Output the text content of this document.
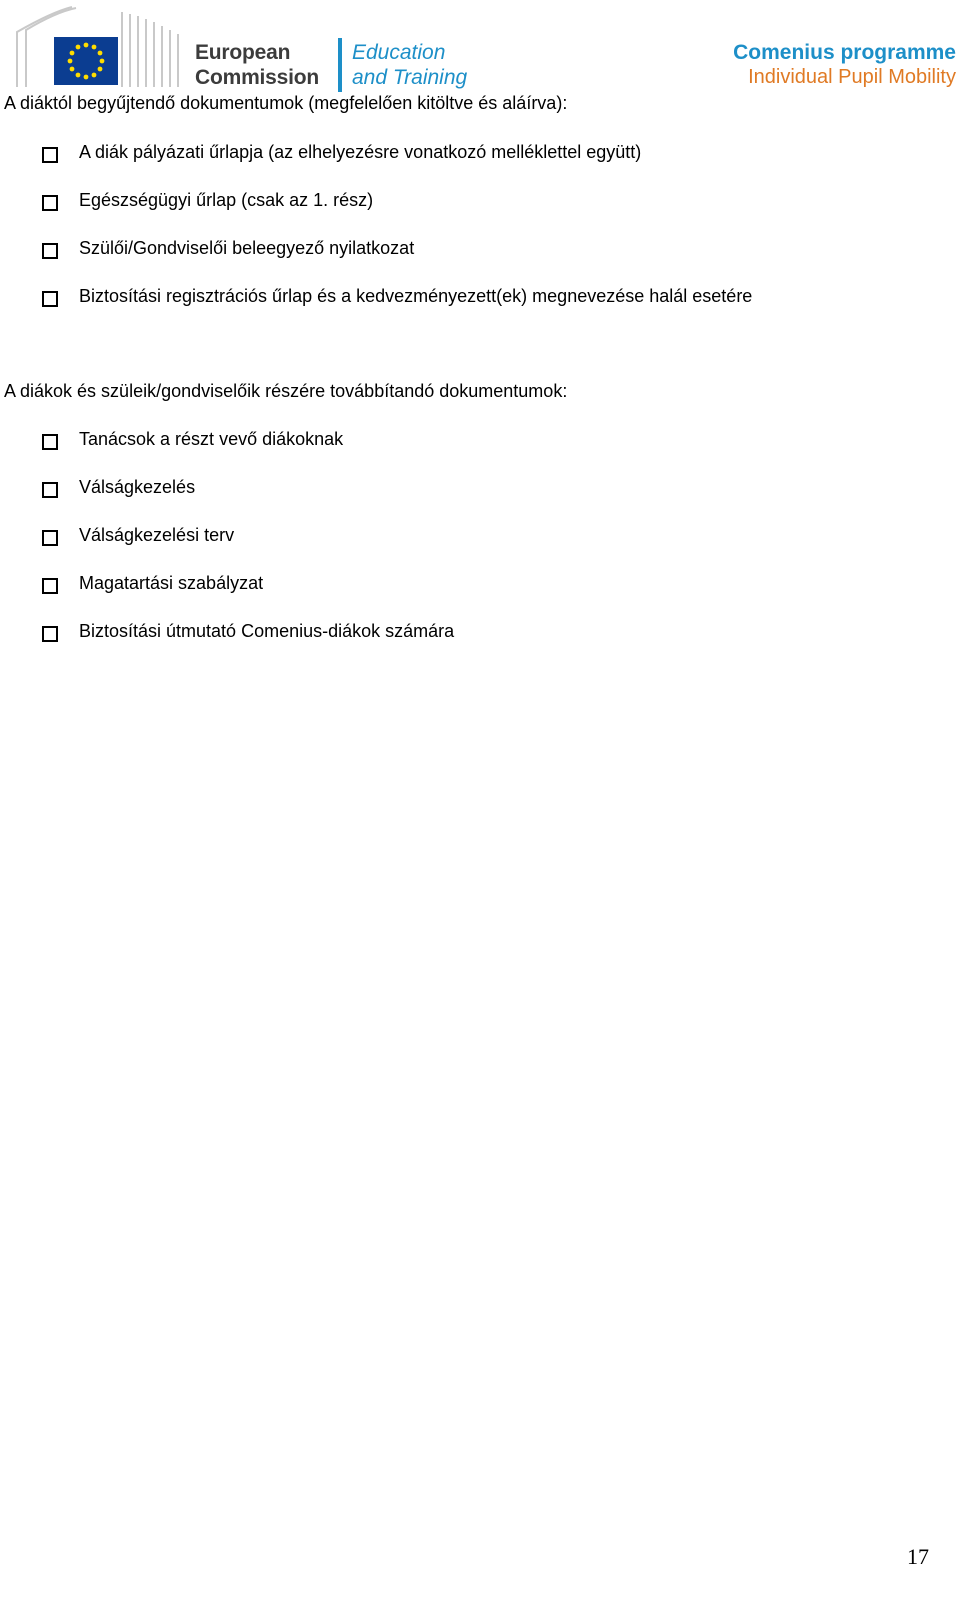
European
Commission
Education
and Training
Comenius programme
Individual Pupil Mobility
A diáktól begyűjtendő dokumentumok (megfelelően kitöltve és aláírva):
A diák pályázati űrlapja (az elhelyezésre vonatkozó melléklettel együtt)
Egészségügyi űrlap (csak az 1. rész)
Szülői/Gondviselői beleegyező nyilatkozat
Biztosítási regisztrációs űrlap és a kedvezményezett(ek) megnevezése halál esetére
A diákok és szüleik/gondviselőik részére továbbítandó dokumentumok:
Tanácsok a részt vevő diákoknak
Válságkezelés
Válságkezelési terv
Magatartási szabályzat
Biztosítási útmutató Comenius-diákok számára
17
